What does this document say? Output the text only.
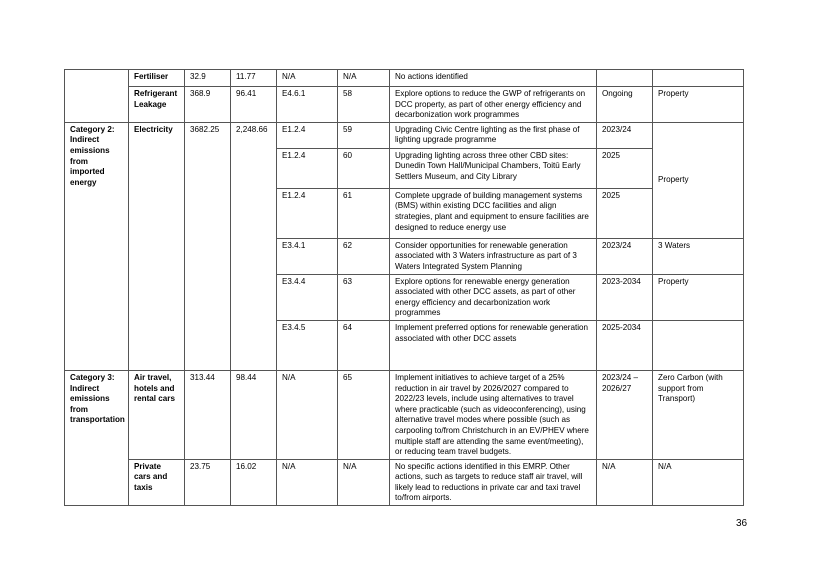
	Fertiliser	32.9	11.77	N/A	N/A	No actions identified		
	Refrigerant Leakage	368.9	96.41	E4.6.1	58	Explore options to reduce the GWP of refrigerants on DCC property, as part of other energy efficiency and decarbonization work programmes	Ongoing	Property
Category 2: Indirect emissions from imported energy	Electricity	3682.25	2,248.66	E1.2.4	59	Upgrading Civic Centre lighting as the first phase of lighting upgrade programme	2023/24	Property
				E1.2.4	60	Upgrading lighting across three other CBD sites: Dunedin Town Hall/Municipal Chambers, Toitū Early Settlers Museum, and City Library	2025	
				E1.2.4	61	Complete upgrade of building management systems (BMS) within existing DCC facilities and align strategies, plant and equipment to ensure facilities are designed to reduce energy use	2025	
				E3.4.1	62	Consider opportunities for renewable generation associated with 3 Waters infrastructure as part of 3 Waters Integrated System Planning	2023/24	3 Waters
				E3.4.4	63	Explore options for renewable energy generation associated with other DCC assets, as part of other energy efficiency and decarbonization work programmes	2023-2034	Property
				E3.4.5	64	Implement preferred options for renewable generation associated with other DCC assets	2025-2034	
Category 3: Indirect emissions from transportation	Air travel, hotels and rental cars	313.44	98.44	N/A	65	Implement initiatives to achieve target of a 25% reduction in air travel by 2026/2027 compared to 2022/23 levels, include using alternatives to travel where practicable (such as videoconferencing), using alternative travel modes where possible (such as carpooling to/from Christchurch in an EV/PHEV where multiple staff are attending the same event/meeting), or reducing team travel budgets.	2023/24 – 2026/27	Zero Carbon (with support from Transport)
	Private cars and taxis	23.75	16.02	N/A	N/A	No specific actions identified in this EMRP. Other actions, such as targets to reduce staff air travel, will likely lead to reductions in private car and taxi travel to/from airports.	N/A	N/A
36
